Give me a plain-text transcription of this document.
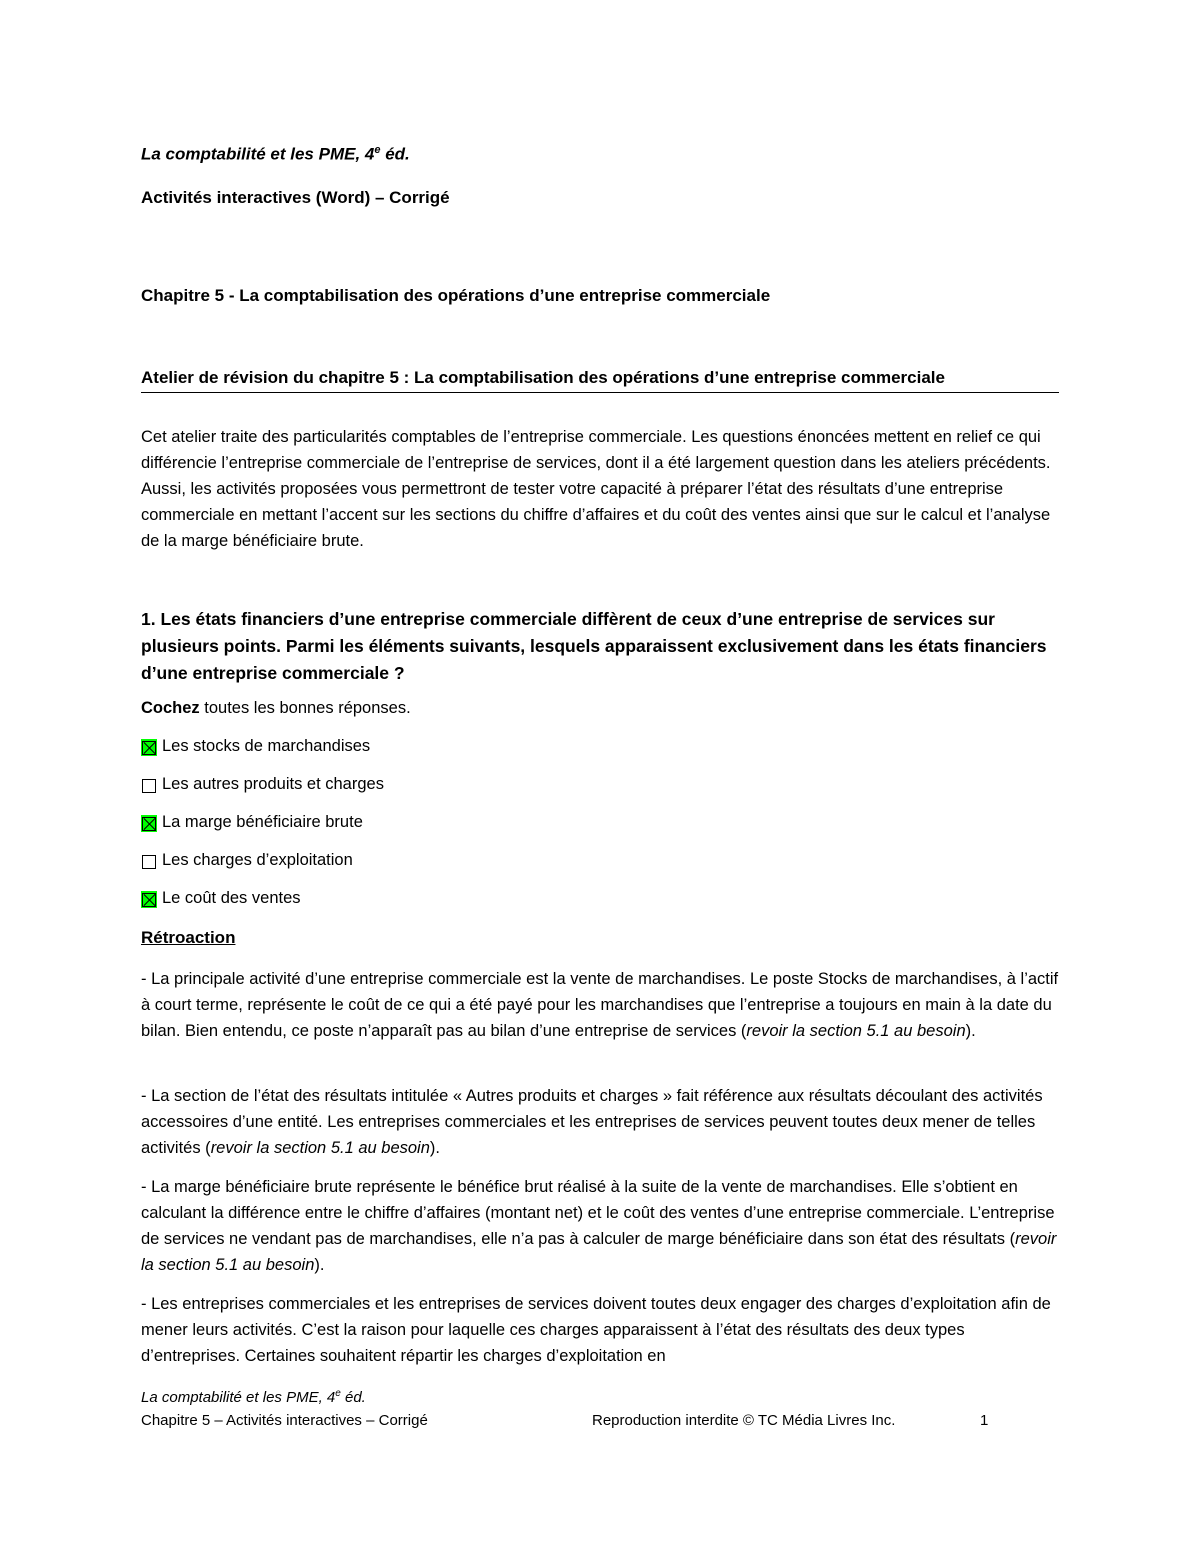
La comptabilité et les PME, 4e éd.
Activités interactives (Word) – Corrigé
Chapitre 5 - La comptabilisation des opérations d’une entreprise commerciale
Atelier de révision du chapitre 5 : La comptabilisation des opérations d’une entreprise commerciale
Cet atelier traite des particularités comptables de l’entreprise commerciale. Les questions énoncées mettent en relief ce qui différencie l’entreprise commerciale de l’entreprise de services, dont il a été largement question dans les ateliers précédents. Aussi, les activités proposées vous permettront de tester votre capacité à préparer l’état des résultats d’une entreprise commerciale en mettant l’accent sur les sections du chiffre d’affaires et du coût des ventes ainsi que sur le calcul et l’analyse de la marge bénéficiaire brute.
1. Les états financiers d’une entreprise commerciale diffèrent de ceux d’une entreprise de services sur plusieurs points. Parmi les éléments suivants, lesquels apparaissent exclusivement dans les états financiers d’une entreprise commerciale ?
Cochez toutes les bonnes réponses.
Les stocks de marchandises
Les autres produits et charges
La marge bénéficiaire brute
Les charges d’exploitation
Le coût des ventes
Rétroaction
- La principale activité d’une entreprise commerciale est la vente de marchandises. Le poste Stocks de marchandises, à l’actif à court terme, représente le coût de ce qui a été payé pour les marchandises que l’entreprise a toujours en main à la date du bilan. Bien entendu, ce poste n’apparaît pas au bilan d’une entreprise de services (revoir la section 5.1 au besoin).
- La section de l’état des résultats intitulée « Autres produits et charges » fait référence aux résultats découlant des activités accessoires d’une entité. Les entreprises commerciales et les entreprises de services peuvent toutes deux mener de telles activités (revoir la section 5.1 au besoin).
- La marge bénéficiaire brute représente le bénéfice brut réalisé à la suite de la vente de marchandises. Elle s’obtient en calculant la différence entre le chiffre d’affaires (montant net) et le coût des ventes d’une entreprise commerciale. L’entreprise de services ne vendant pas de marchandises, elle n’a pas à calculer de marge bénéficiaire dans son état des résultats (revoir la section 5.1 au besoin).
- Les entreprises commerciales et les entreprises de services doivent toutes deux engager des charges d’exploitation afin de mener leurs activités. C’est la raison pour laquelle ces charges apparaissent à l’état des résultats des deux types d’entreprises. Certaines souhaitent répartir les charges d’exploitation en
La comptabilité et les PME, 4e éd.
Chapitre 5 – Activités interactives – Corrigé	Reproduction interdite © TC Média Livres Inc.	1
